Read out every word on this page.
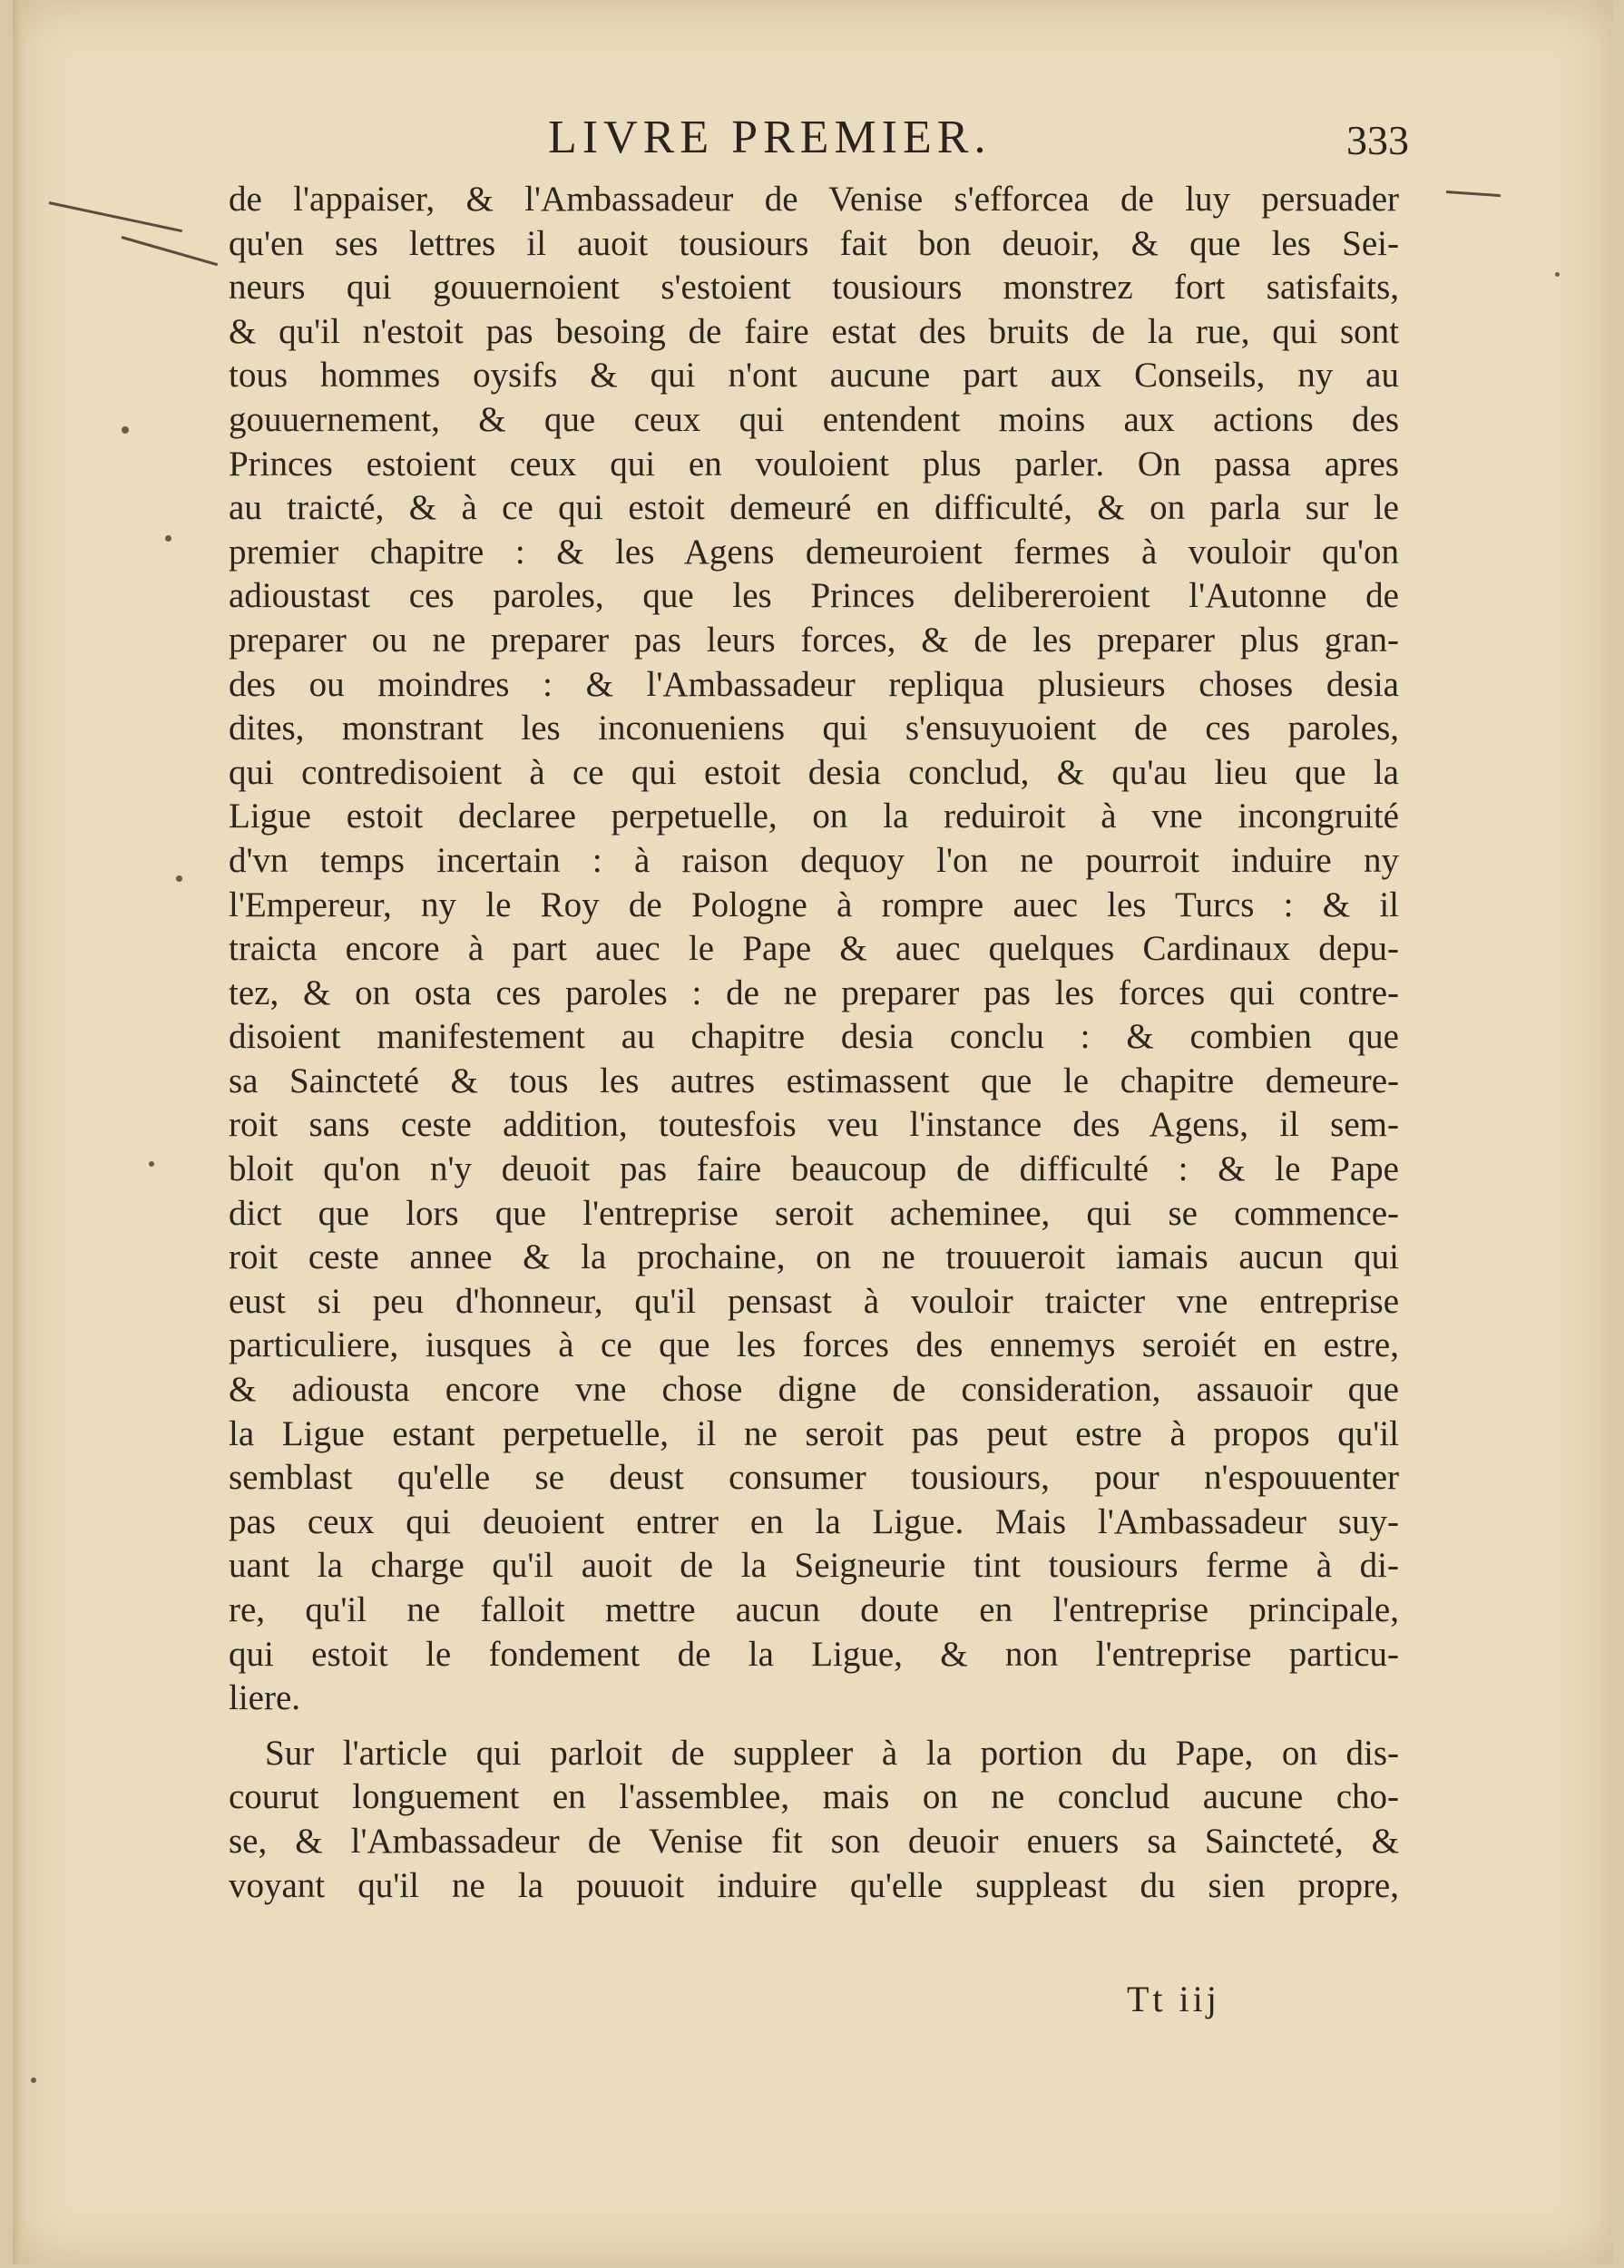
LIVRE PREMIER.	333
de l'appaiser, & l'Ambassadeur de Venise s'efforcea de luy persuader
qu'en ses lettres il auoit tousiours fait bon deuoir, & que les Sei-
neurs qui gouuernoient s'estoient tousiours monstrez fort satisfaits,
& qu'il n'estoit pas besoing de faire estat des bruits de la rue, qui sont
tous hommes oysifs & qui n'ont aucune part aux Conseils, ny au
gouuernement, & que ceux qui entendent moins aux actions des
Princes estoient ceux qui en vouloient plus parler. On passa apres
au traicté, & à ce qui estoit demeuré en difficulté, & on parla sur le
premier chapitre : & les Agens demeuroient fermes à vouloir qu'on
adioustast ces paroles, que les Princes delibereroient l'Autonne de
preparer ou ne preparer pas leurs forces, & de les preparer plus gran-
des ou moindres : & l'Ambassadeur repliqua plusieurs choses desia
dites, monstrant les inconueniens qui s'ensuyuoient de ces paroles,
qui contredisoient à ce qui estoit desia conclud, & qu'au lieu que la
Ligue estoit declaree perpetuelle, on la reduiroit à vne incongruité
d'vn temps incertain : à raison dequoy l'on ne pourroit induire ny
l'Empereur, ny le Roy de Pologne à rompre auec les Turcs : & il
traicta encore à part auec le Pape & auec quelques Cardinaux depu-
tez, & on osta ces paroles : de ne preparer pas les forces qui contre-
disoient manifestement au chapitre desia conclu : & combien que
sa Saincteté & tous les autres estimassent que le chapitre demeure-
roit sans ceste addition, toutesfois veu l'instance des Agens, il sem-
bloit qu'on n'y deuoit pas faire beaucoup de difficulté : & le Pape
dict que lors que l'entreprise seroit acheminee, qui se commence-
roit ceste annee & la prochaine, on ne trouueroit iamais aucun qui
eust si peu d'honneur, qu'il pensast à vouloir traicter vne entreprise
particuliere, iusques à ce que les forces des ennemys seroiét en estre,
& adiousta encore vne chose digne de consideration, assauoir que
la Ligue estant perpetuelle, il ne seroit pas peut estre à propos qu'il
semblast qu'elle se deust consumer tousiours, pour n'espouuenter
pas ceux qui deuoient entrer en la Ligue. Mais l'Ambassadeur suy-
uant la charge qu'il auoit de la Seigneurie tint tousiours ferme à di-
re, qu'il ne falloit mettre aucun doute en l'entreprise principale,
qui estoit le fondement de la Ligue, & non l'entreprise particu-
liere.
Sur l'article qui parloit de suppleer à la portion du Pape, on dis-
courut longuement en l'assemblee, mais on ne conclud aucune cho-
se, & l'Ambassadeur de Venise fit son deuoir enuers sa Saincteté, &
voyant qu'il ne la pouuoit induire qu'elle suppleast du sien propre,
Tt iij
